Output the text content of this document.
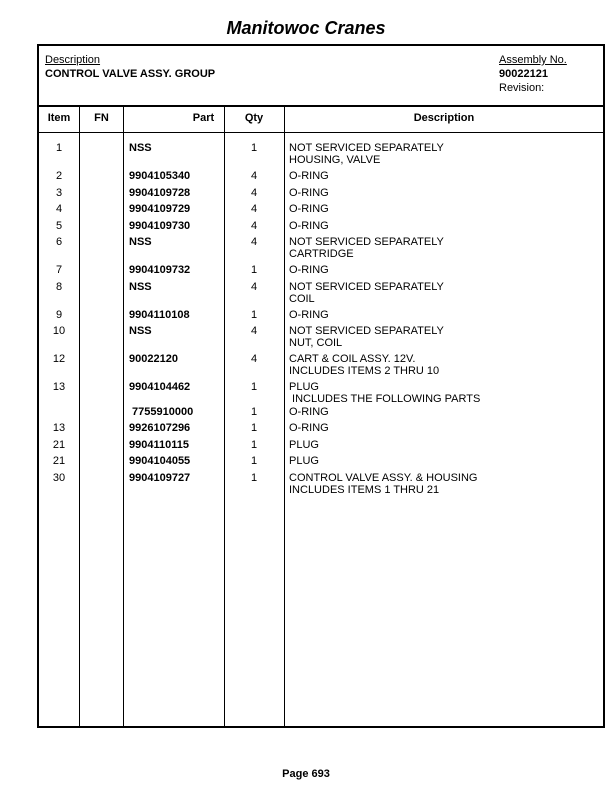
Manitowoc Cranes
Description
CONTROL VALVE ASSY. GROUP
Assembly No.
90022121
Revision:
Item	FN	Part	Qty	Description
1	NSS	1	NOT SERVICED SEPARATELY
HOUSING, VALVE
2	9904105340	4	O-RING
3	9904109728	4	O-RING
4	9904109729	4	O-RING
5	9904109730	4	O-RING
6	NSS	4	NOT SERVICED SEPARATELY
CARTRIDGE
7	9904109732	1	O-RING
8	NSS	4	NOT SERVICED SEPARATELY
COIL
9	9904110108	1	O-RING
10	NSS	4	NOT SERVICED SEPARATELY
NUT, COIL
12	90022120	4	CART & COIL ASSY. 12V.
INCLUDES ITEMS 2 THRU 10
13	9904104462	1	PLUG
INCLUDES THE FOLLOWING PARTS
7755910000	1	O-RING
13	9926107296	1	O-RING
21	9904110115	1	PLUG
21	9904104055	1	PLUG
30	9904109727	1	CONTROL VALVE ASSY. & HOUSING
INCLUDES ITEMS 1 THRU 21
Page 693
